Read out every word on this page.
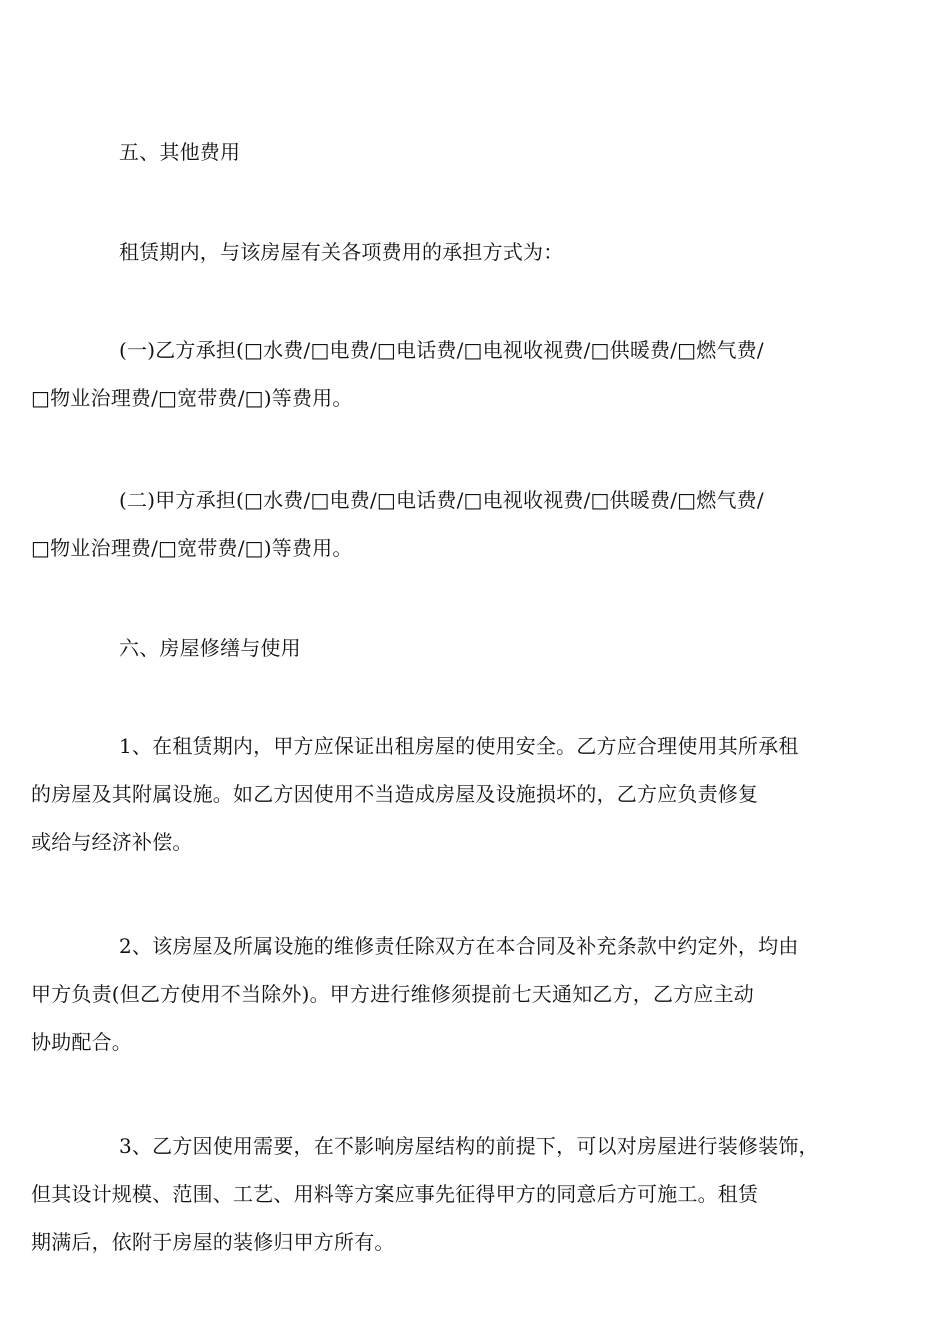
五、其他费用

租赁期内，与该房屋有关各项费用的承担方式为：

(一)乙方承担(□水费/□电费/□电话费/□电视收视费/□供暖费/□燃气费/
□物业治理费/□宽带费/□)等费用。

(二)甲方承担(□水费/□电费/□电话费/□电视收视费/□供暖费/□燃气费/
□物业治理费/□宽带费/□)等费用。

六、房屋修缮与使用

1、在租赁期内，甲方应保证出租房屋的使用安全。乙方应合理使用其所承租
的房屋及其附属设施。如乙方因使用不当造成房屋及设施损坏的，乙方应负责修复
或给与经济补偿。

2、该房屋及所属设施的维修责任除双方在本合同及补充条款中约定外，均由
甲方负责(但乙方使用不当除外)。甲方进行维修须提前七天通知乙方，乙方应主动
协助配合。

3、乙方因使用需要，在不影响房屋结构的前提下，可以对房屋进行装修装饰，
但其设计规模、范围、工艺、用料等方案应事先征得甲方的同意后方可施工。租赁
期满后，依附于房屋的装修归甲方所有。
